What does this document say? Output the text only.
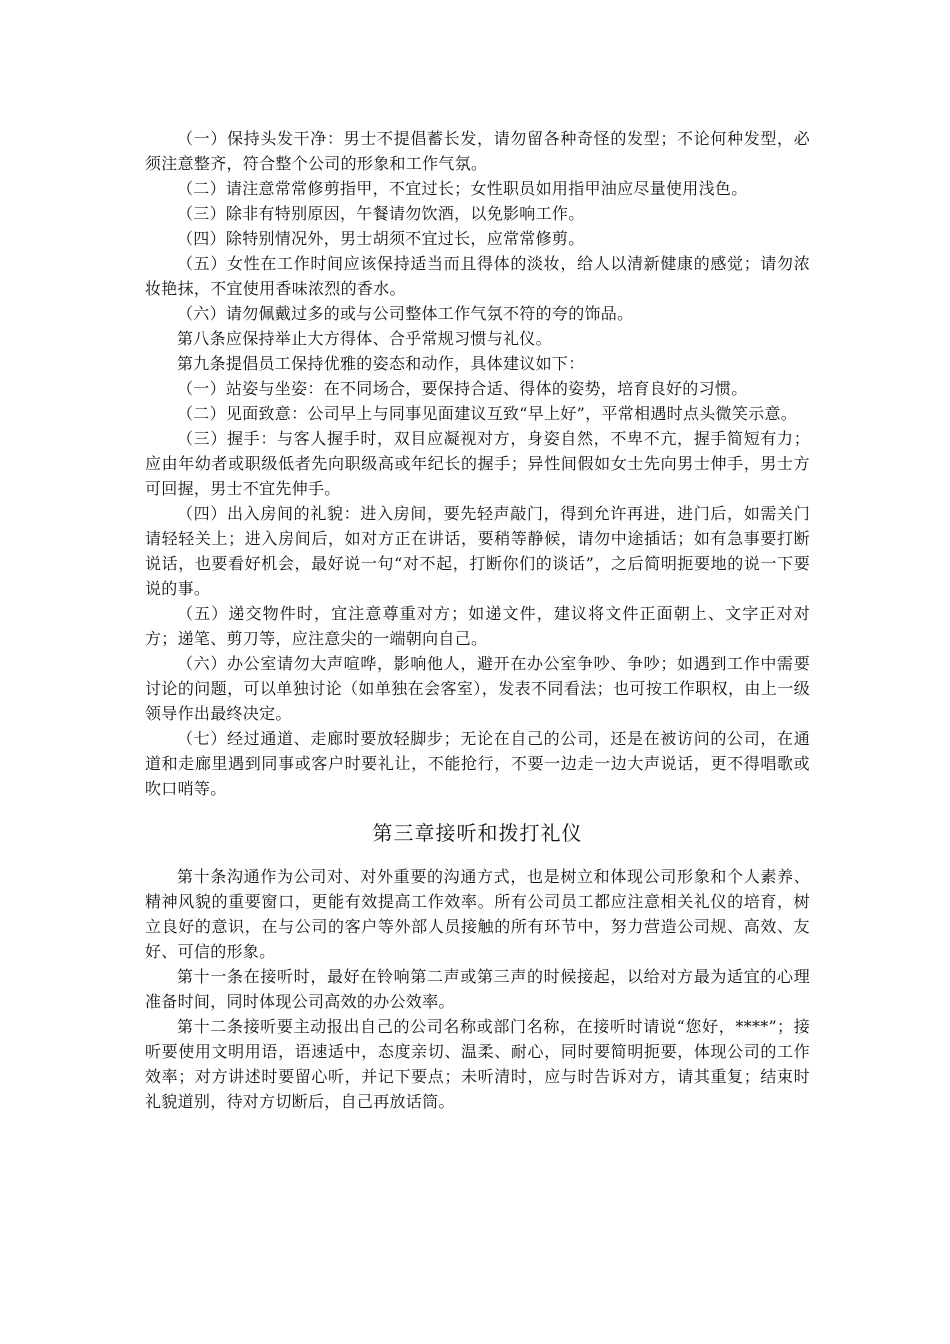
（一）保持头发干净：男士不提倡蓄长发，请勿留各种奇怪的发型；不论何种发型，必须注意整齐，符合整个公司的形象和工作气氛。

（二）请注意常常修剪指甲，不宜过长；女性职员如用指甲油应尽量使用浅色。

（三）除非有特别原因，午餐请勿饮酒，以免影响工作。

（四）除特别情况外，男士胡须不宜过长，应常常修剪。

（五）女性在工作时间应该保持适当而且得体的淡妆，给人以清新健康的感觉；请勿浓妆艳抹，不宜使用香味浓烈的香水。

（六）请勿佩戴过多的或与公司整体工作气氛不符的夸的饰品。

第八条应保持举止大方得体、合乎常规习惯与礼仪。

第九条提倡员工保持优雅的姿态和动作，具体建议如下：

（一）站姿与坐姿：在不同场合，要保持合适、得体的姿势，培育良好的习惯。

（二）见面致意：公司早上与同事见面建议互致“早上好”，平常相遇时点头微笑示意。

（三）握手：与客人握手时，双目应凝视对方，身姿自然，不卑不亢，握手简短有力；应由年幼者或职级低者先向职级高或年纪长的握手；异性间假如女士先向男士伸手，男士方可回握，男士不宜先伸手。

（四）出入房间的礼貌：进入房间，要先轻声敲门，得到允许再进，进门后，如需关门请轻轻关上；进入房间后，如对方正在讲话，要稍等静候，请勿中途插话；如有急事要打断说话，也要看好机会，最好说一句“对不起，打断你们的谈话”，之后简明扼要地的说一下要说的事。

（五）递交物件时，宜注意尊重对方；如递文件，建议将文件正面朝上、文字正对对方；递笔、剪刀等，应注意尖的一端朝向自己。

（六）办公室请勿大声喧哗，影响他人，避开在办公室争吵、争吵；如遇到工作中需要讨论的问题，可以单独讨论（如单独在会客室），发表不同看法；也可按工作职权，由上一级领导作出最终决定。

（七）经过通道、走廊时要放轻脚步；无论在自己的公司，还是在被访问的公司，在通道和走廊里遇到同事或客户时要礼让，不能抢行，不要一边走一边大声说话，更不得唱歌或吹口哨等。

第三章接听和拨打礼仪

第十条沟通作为公司对、对外重要的沟通方式，也是树立和体现公司形象和个人素养、精神风貌的重要窗口，更能有效提高工作效率。所有公司员工都应注意相关礼仪的培育，树立良好的意识，在与公司的客户等外部人员接触的所有环节中，努力营造公司规、高效、友好、可信的形象。

第十一条在接听时，最好在铃响第二声或第三声的时候接起，以给对方最为适宜的心理准备时间，同时体现公司高效的办公效率。

第十二条接听要主动报出自己的公司名称或部门名称，在接听时请说“您好，****”；接听要使用文明用语，语速适中，态度亲切、温柔、耐心，同时要简明扼要，体现公司的工作效率；对方讲述时要留心听，并记下要点；未听清时，应与时告诉对方，请其重复；结束时礼貌道别，待对方切断后，自己再放话筒。
